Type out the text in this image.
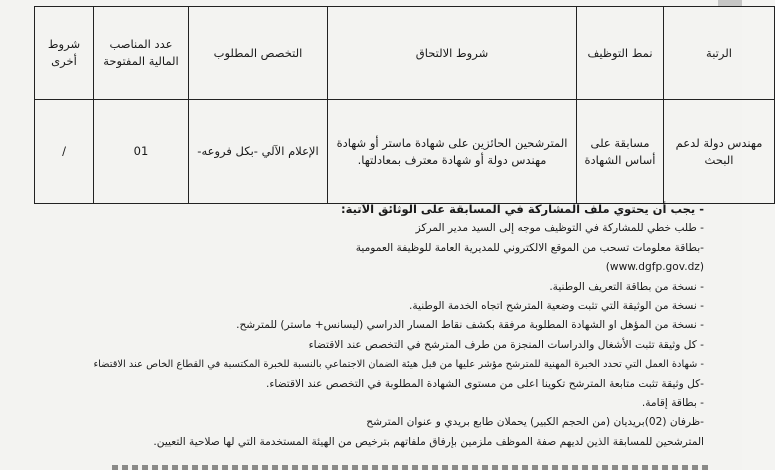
الرتبة	نمط التوظيف	شروط الالتحاق	التخصص المطلوب	عدد المناصب المالية المفتوحة	شروط أخرى
مهندس دولة لدعم البحث	مسابقة على أساس الشهادة	المترشحين الحائزين على شهادة ماستر أو شهادة مهندس دولة أو شهادة معترف بمعادلتها.	الإعلام الآلي -بكل فروعه-	01	/
- يجب أن يحتوي ملف المشاركة في المسابقة على الوثائق الآتية:
- طلب خطي للمشاركة في التوظيف موجه إلى السيد مدير المركز
-بطاقة معلومات تسحب من الموقع الالكتروني للمديرية العامة للوظيفة العمومية
(www.dgfp.gov.dz)
- نسخة من بطاقة التعريف الوطنية.
- نسخة من الوثيقة التي تثبت وضعية المترشح اتجاه الخدمة الوطنية.
- نسخة من المؤهل او الشهادة المطلوبة مرفقة بكشف نقاط المسار الدراسي (ليسانس+ ماستر) للمترشح.
- كل وثيقة تثبت الأشغال والدراسات المنجزة من طرف المترشح في التخصص عند الاقتضاء
- شهادة العمل التي تحدد الخبرة المهنية للمترشح مؤشر عليها من قبل هيئة الضمان الاجتماعي بالنسبة للخبرة المكتسبة في القطاع الخاص عند الاقتضاء
-كل وثيقة تثبت متابعة المترشح تكوينا اعلى من مستوى الشهادة المطلوبة في التخصص عند الاقتضاء.
- بطاقة إقامة.
-ظرفان (02)بريديان (من الحجم الكبير) يحملان طابع بريدي و عنوان المترشح
المترشحين للمسابقة الذين لديهم صفة الموظف ملزمين بإرفاق ملفاتهم بترخيص من الهيئة المستخدمة التي لها صلاحية التعيين.
